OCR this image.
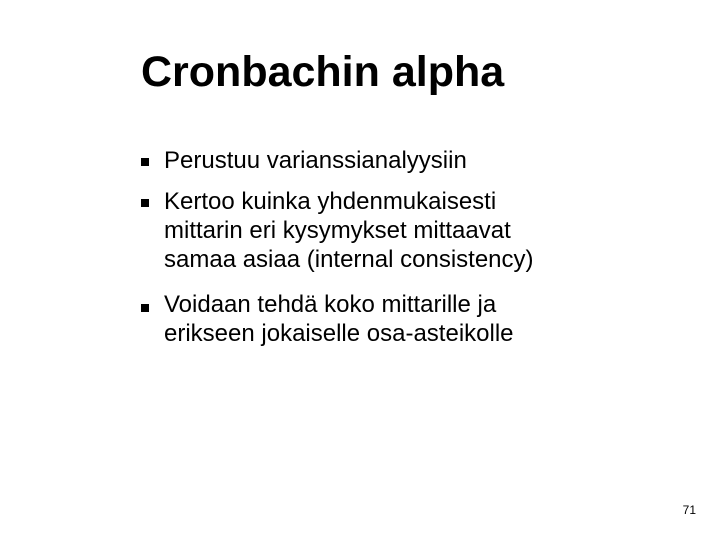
Cronbachin alpha

Perustuu varianssianalyysiin

Kertoo kuinka yhdenmukaisesti
mittarin eri kysymykset mittaavat
samaa asiaa (internal consistency)

Voidaan tehdä koko mittarille ja
erikseen jokaiselle osa-asteikolle

71
